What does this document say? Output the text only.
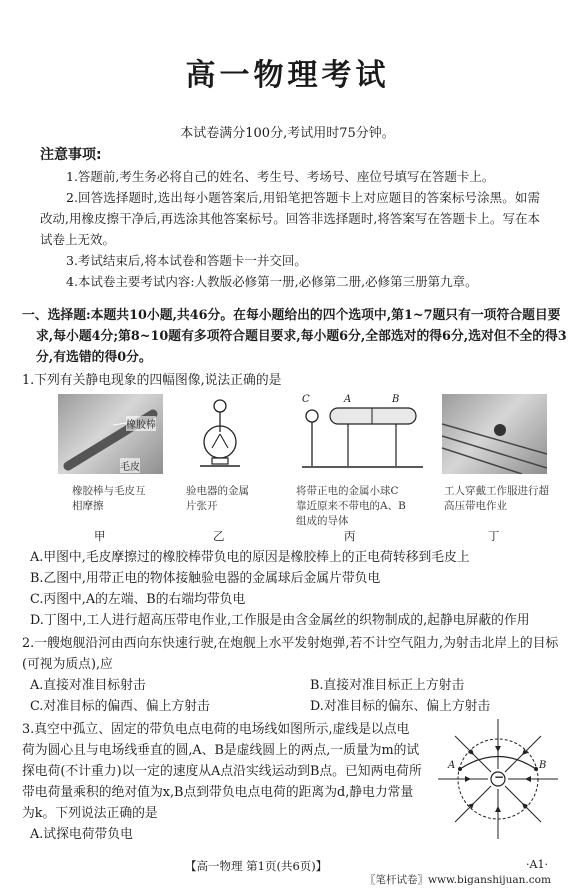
高一物理考试
本试卷满分100分,考试用时75分钟。
注意事项:
1.答题前,考生务必将自己的姓名、考生号、考场号、座位号填写在答题卡上。
2.回答选择题时,选出每小题答案后,用铅笔把答题卡上对应题目的答案标号涂黑。如需改动,用橡皮擦干净后,再选涂其他答案标号。回答非选择题时,将答案写在答题卡上。写在本试卷上无效。
3.考试结束后,将本试卷和答题卡一并交回。
4.本试卷主要考试内容:人教版必修第一册,必修第二册,必修第三册第九章。
一、选择题:本题共10小题,共46分。在每小题给出的四个选项中,第1~7题只有一项符合题目要求,每小题4分;第8~10题有多项符合题目要求,每小题6分,全部选对的得6分,选对但不全的得3分,有选错的得0分。
1.下列有关静电现象的四幅图像,说法正确的是
橡胶棒
毛皮
C	A	B
橡胶棒与毛皮互相摩擦
验电器的金属片张开
将带正电的金属小球C靠近原来不带电的A、B组成的导体
工人穿戴工作服进行超高压带电作业
甲	乙	丙	丁
A.甲图中,毛皮摩擦过的橡胶棒带负电的原因是橡胶棒上的正电荷转移到毛皮上
B.乙图中,用带正电的物体接触验电器的金属球后金属片带负电
C.丙图中,A的左端、B的右端均带负电
D.丁图中,工人进行超高压带电作业,工作服是由含金属丝的织物制成的,起静电屏蔽的作用
2.一艘炮舰沿河由西向东快速行驶,在炮舰上水平发射炮弹,若不计空气阻力,为射击北岸上的目标(可视为质点),应
A.直接对准目标射击	B.直接对准目标正上方射击
C.对准目标的偏西、偏上方射击	D.对准目标的偏东、偏上方射击
3.真空中孤立、固定的带负电点电荷的电场线如图所示,虚线是以点电荷为圆心且与电场线垂直的圆,A、B是虚线圆上的两点,一质量为m的试探电荷(不计重力)以一定的速度从A点沿实线运动到B点。已知两电荷所带电荷量乘积的绝对值为x,B点到带负电点电荷的距离为d,静电力常量为k。下列说法正确的是
A.试探电荷带负电
A	B
−
【高一物理 第1页(共6页)】	·A1·
〖笔杆试卷〗www.biganshijuan.com
